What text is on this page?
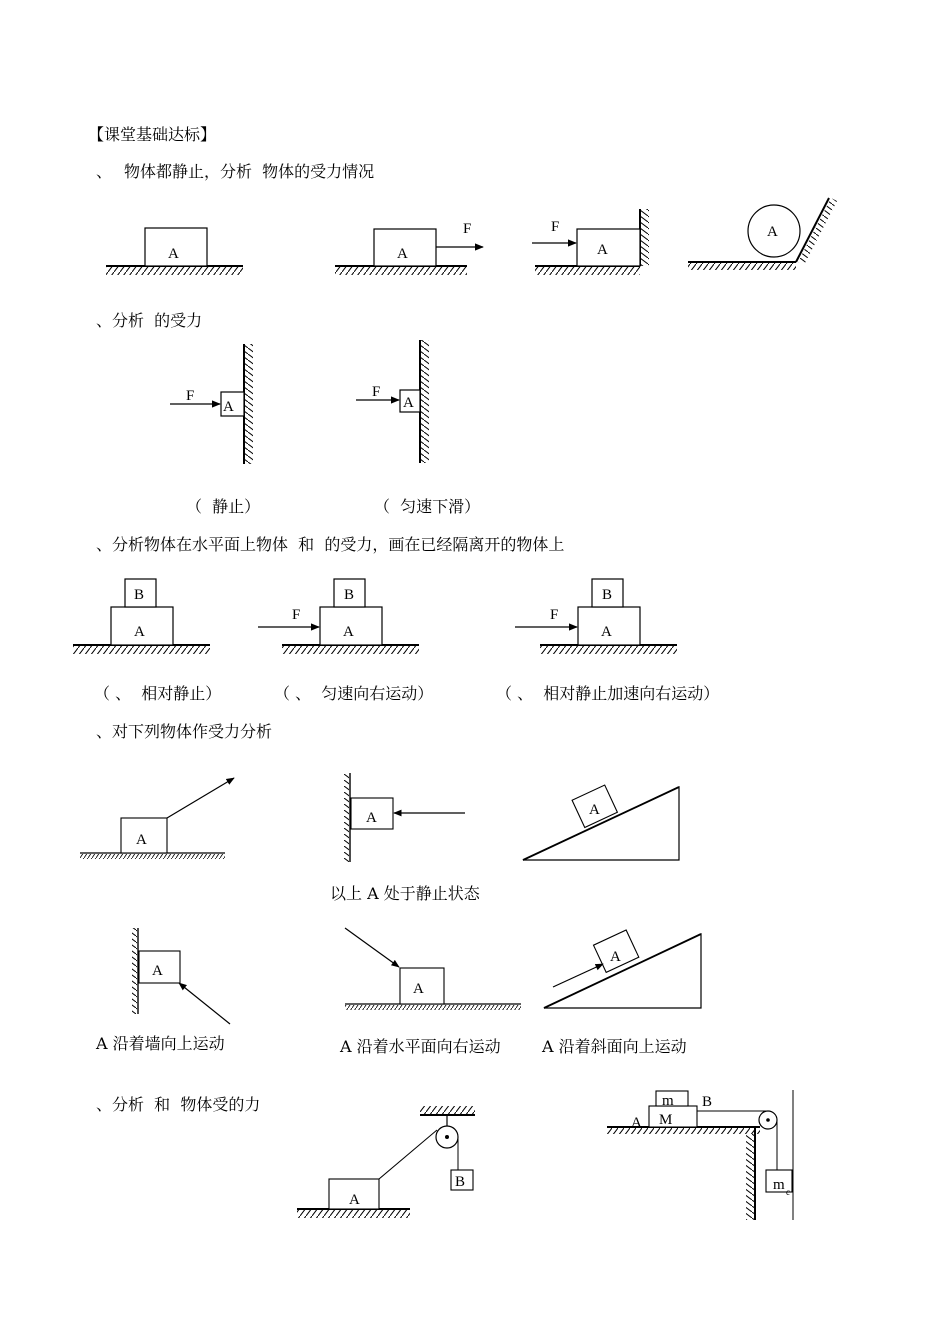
【课堂基础达标】
、 物体都静止，分析  物体的受力情况
、分析  的受力
（  静止）	（  匀速下滑）
、分析物体在水平面上物体  和  的受力，画在已经隔离开的物体上
（ 、  相对静止）	（ 、  匀速向右运动）	（ 、  相对静止加速向右运动）
、对下列物体作受力分析
以上 A 处于静止状态
A 沿着墙向上运动	A 沿着水平面向右运动	A 沿着斜面向上运动
、分析  和  物体受的力
A	A
F
A
F	A
A
F	A
F
A
B
A
B
F
A
B
F
A
A	A
A
A
A
A
B
M
m
A
B
m c
